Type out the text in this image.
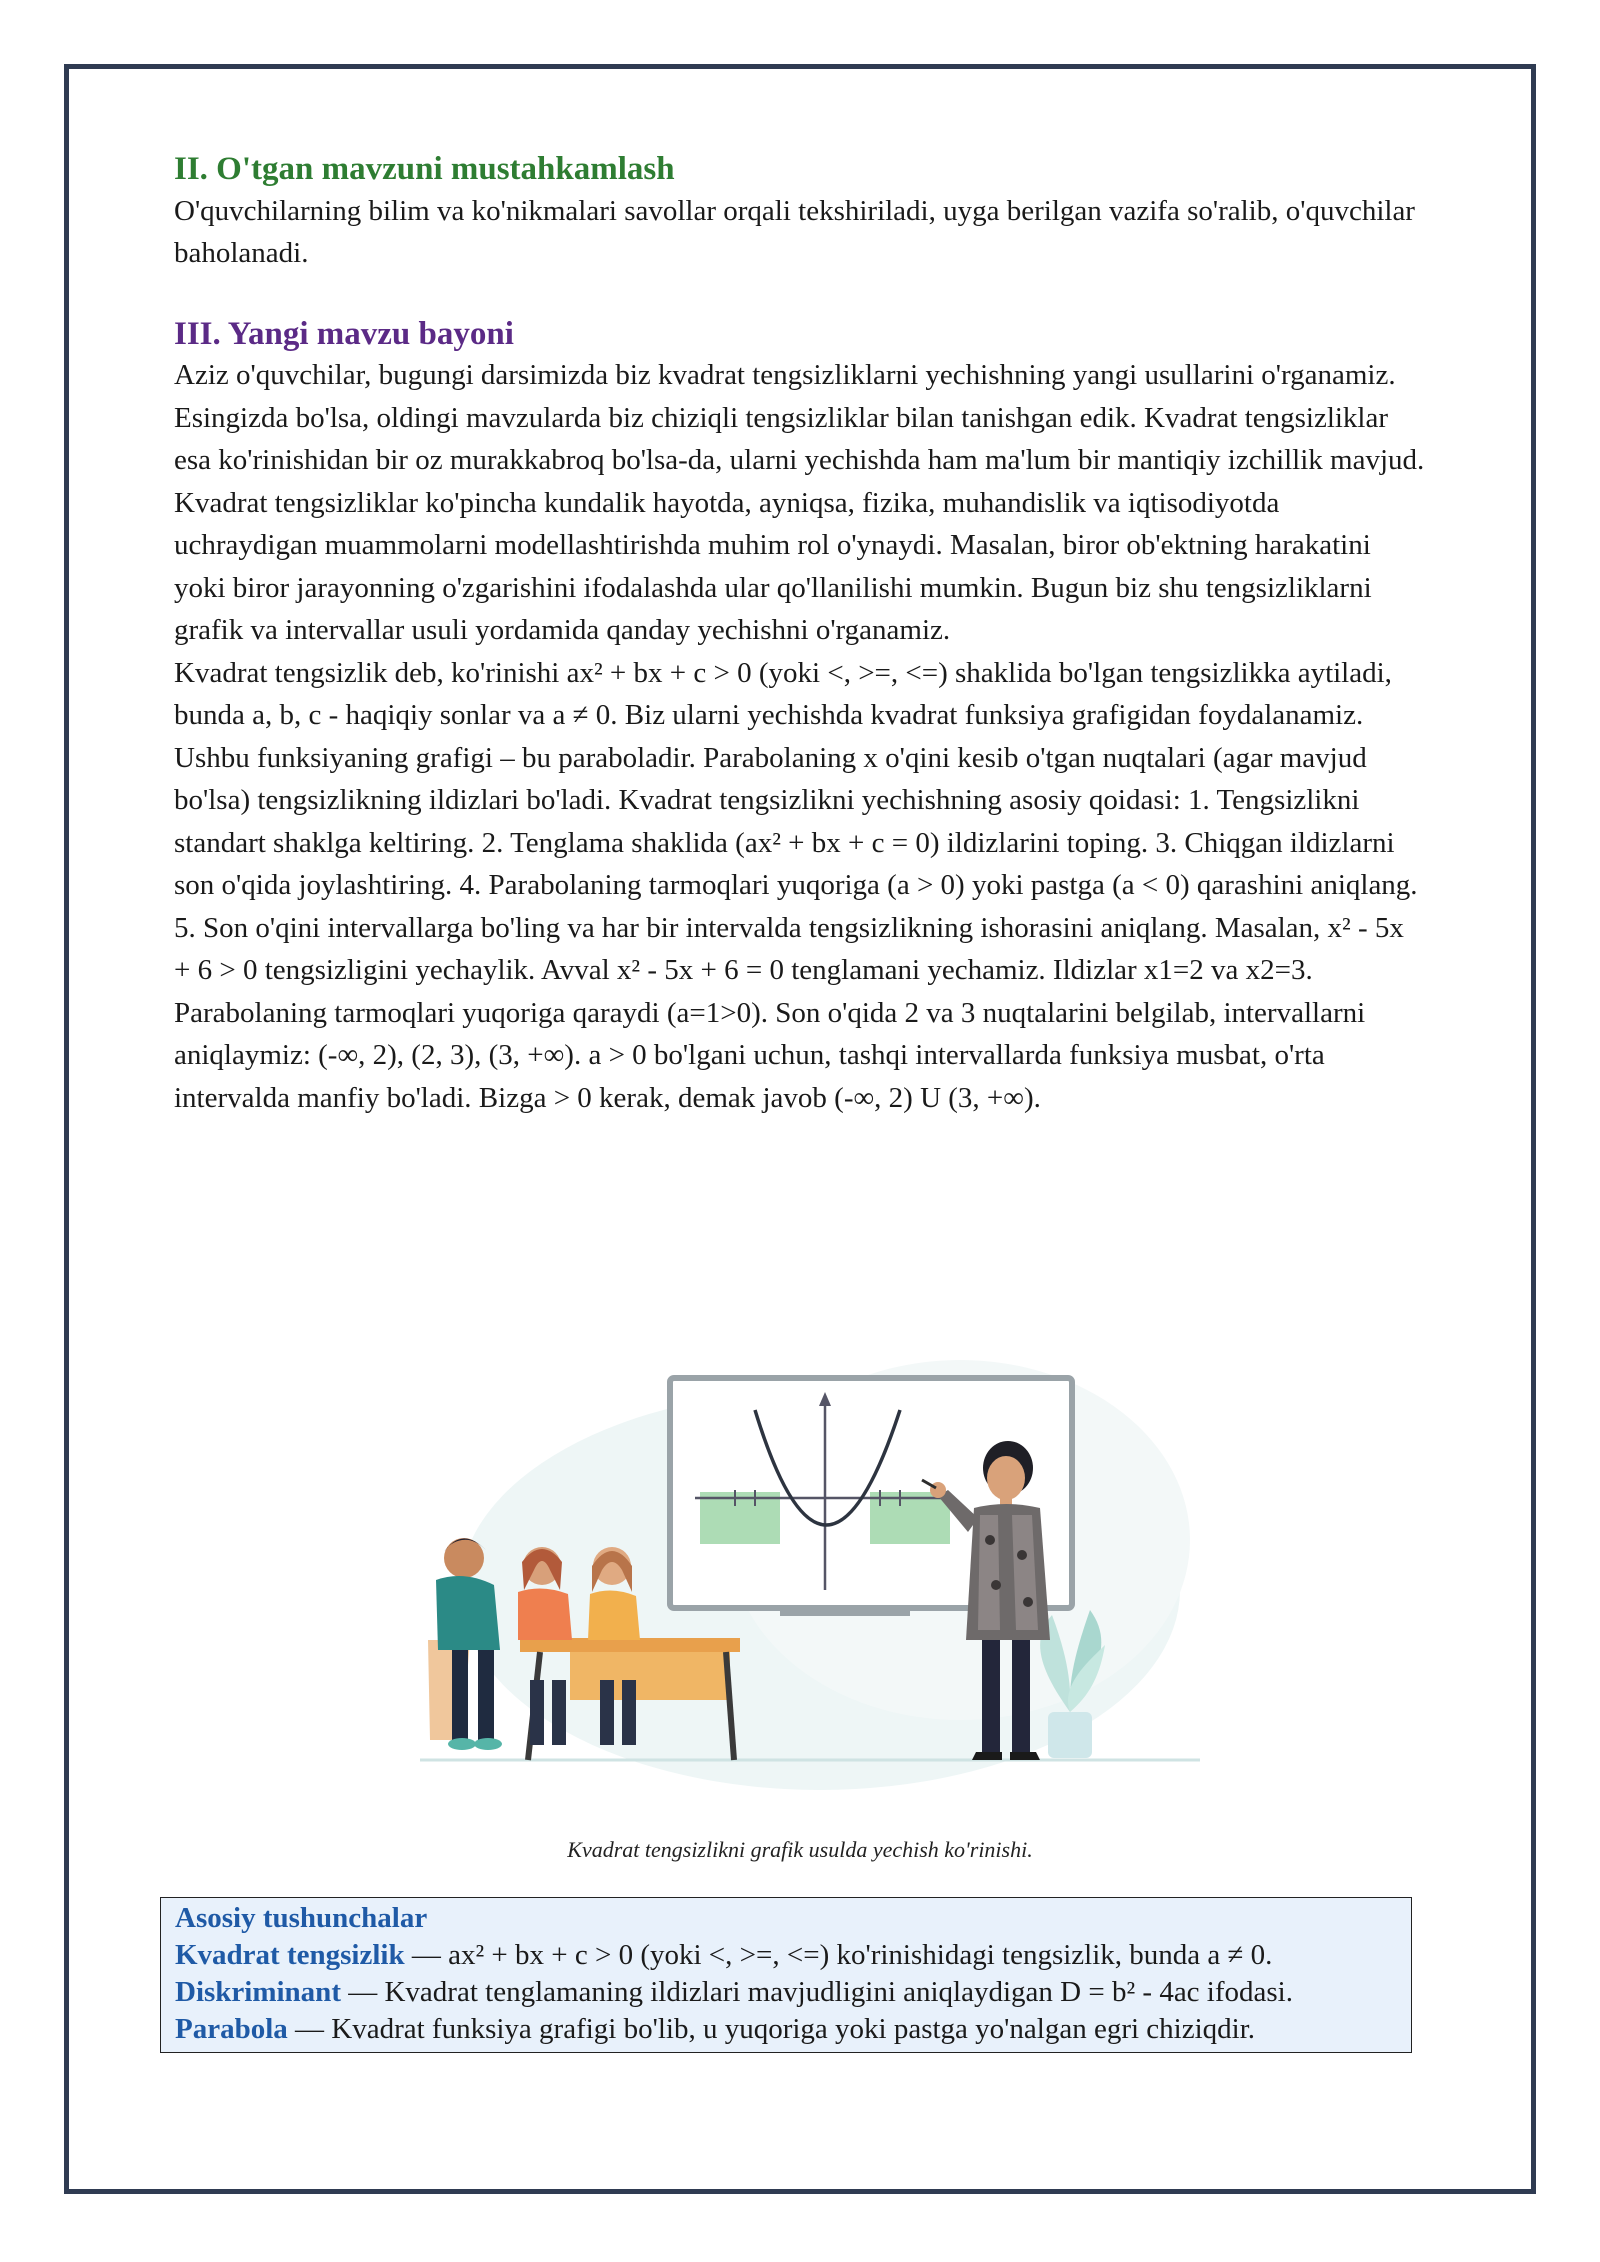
II. O'tgan mavzuni mustahkamlash

O'quvchilarning bilim va ko'nikmalari savollar orqali tekshiriladi, uyga berilgan vazifa so'ralib, o'quvchilar baholanadi.

III. Yangi mavzu bayoni

Aziz o'quvchilar, bugungi darsimizda biz kvadrat tengsizliklarni yechishning yangi usullarini o'rganamiz. Esingizda bo'lsa, oldingi mavzularda biz chiziqli tengsizliklar bilan tanishgan edik. Kvadrat tengsizliklar esa ko'rinishidan bir oz murakkabroq bo'lsa-da, ularni yechishda ham ma'lum bir mantiqiy izchillik mavjud. Kvadrat tengsizliklar ko'pincha kundalik hayotda, ayniqsa, fizika, muhandislik va iqtisodiyotda uchraydigan muammolarni modellashtirishda muhim rol o'ynaydi. Masalan, biror ob'ektning harakatini yoki biror jarayonning o'zgarishini ifodalashda ular qo'llanilishi mumkin. Bugun biz shu tengsizliklarni grafik va intervallar usuli yordamida qanday yechishni o'rganamiz.

Kvadrat tengsizlik deb, ko'rinishi ax² + bx + c > 0 (yoki <, >=, <=) shaklida bo'lgan tengsizlikka aytiladi, bunda a, b, c - haqiqiy sonlar va a ≠ 0. Biz ularni yechishda kvadrat funksiya grafigidan foydalanamiz. Ushbu funksiyaning grafigi – bu paraboladir. Parabolaning x o'qini kesib o'tgan nuqtalari (agar mavjud bo'lsa) tengsizlikning ildizlari bo'ladi. Kvadrat tengsizlikni yechishning asosiy qoidasi: 1. Tengsizlikni standart shaklga keltiring. 2. Tenglama shaklida (ax² + bx + c = 0) ildizlarini toping. 3. Chiqgan ildizlarni son o'qida joylashtiring. 4. Parabolaning tarmoqlari yuqoriga (a > 0) yoki pastga (a < 0) qarashini aniqlang. 5. Son o'qini intervallarga bo'ling va har bir intervalda tengsizlikning ishorasini aniqlang. Masalan, x² - 5x + 6 > 0 tengsizligini yechaylik. Avval x² - 5x + 6 = 0 tenglamani yechamiz. Ildizlar x1=2 va x2=3. Parabolaning tarmoqlari yuqoriga qaraydi (a=1>0). Son o'qida 2 va 3 nuqtalarini belgilab, intervallarni aniqlaymiz: (-∞, 2), (2, 3), (3, +∞). a > 0 bo'lgani uchun, tashqi intervallarda funksiya musbat, o'rta intervalda manfiy bo'ladi. Bizga > 0 kerak, demak javob (-∞, 2) U (3, +∞).

Kvadrat tengsizlikni grafik usulda yechish ko'rinishi.
Asosiy tushunchalar
Kvadrat tengsizlik — ax² + bx + c > 0 (yoki <, >=, <=) ko'rinishidagi tengsizlik, bunda a ≠ 0.
Diskriminant — Kvadrat tenglamaning ildizlari mavjudligini aniqlaydigan D = b² - 4ac ifodasi.
Parabola — Kvadrat funksiya grafigi bo'lib, u yuqoriga yoki pastga yo'nalgan egri chiziqdir.
